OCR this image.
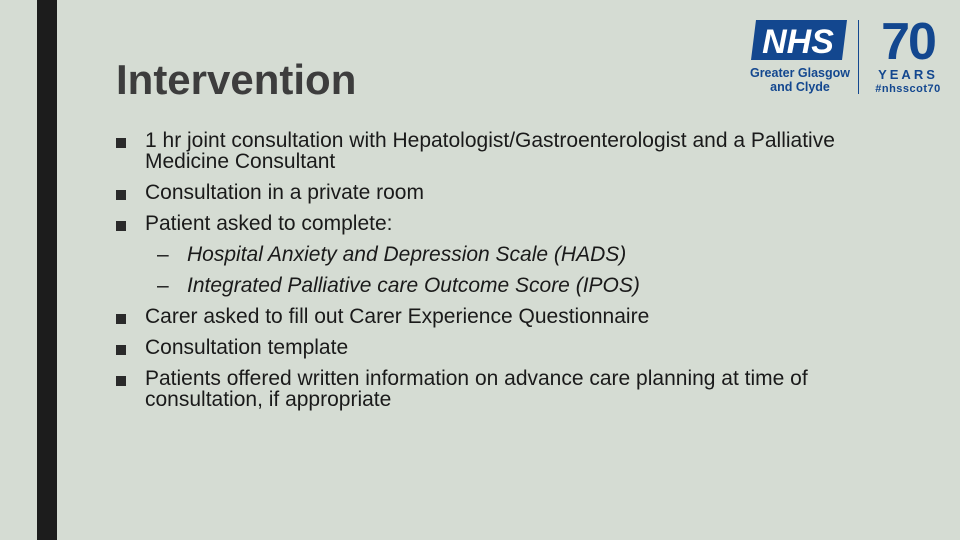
Intervention
1 hr joint consultation with Hepatologist/Gastroenterologist and a Palliative Medicine Consultant
Consultation in a private room
Patient asked to complete:
– Hospital Anxiety and Depression Scale (HADS)
– Integrated Palliative care Outcome Score (IPOS)
Carer asked to fill out Carer Experience Questionnaire
Consultation template
Patients offered written information on advance care planning at time of consultation, if appropriate
NHS
Greater Glasgow
and Clyde
70
YEARS
#nhsscot70
